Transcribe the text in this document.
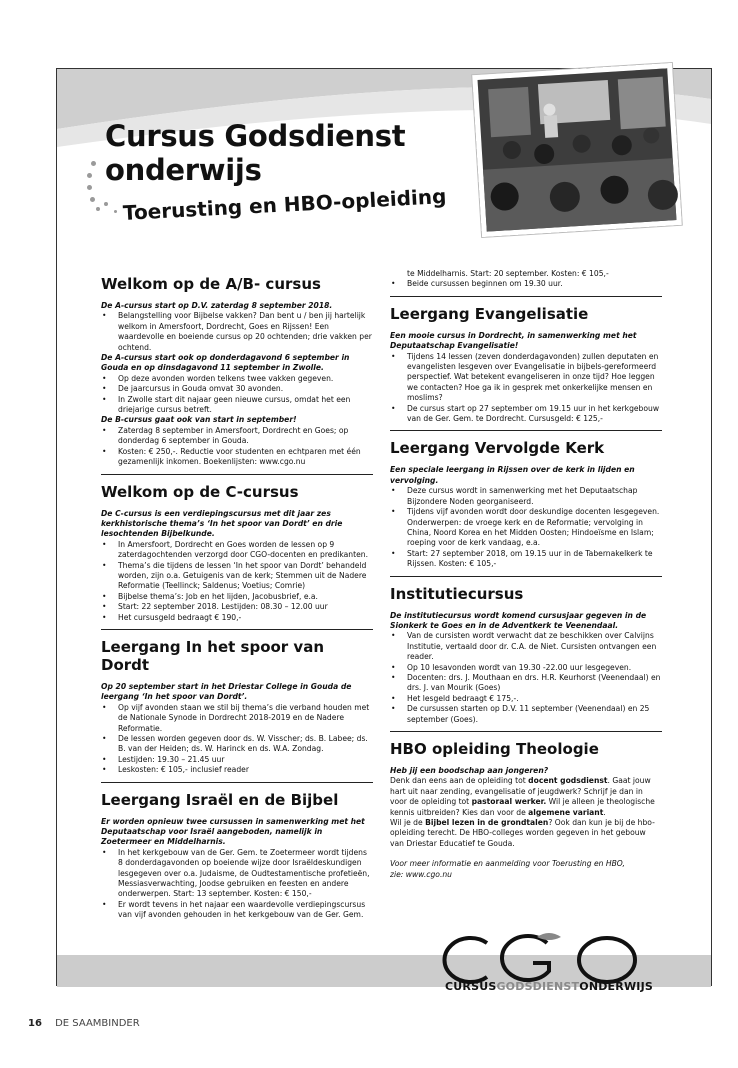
Cursus Godsdienst
onderwijs
Toerusting en HBO-opleiding
Welkom op de A/B- cursus

De A-cursus start op D.V. zaterdag 8 september 2018.

• Belangstelling voor Bijbelse vakken? Dan bent u / ben jij hartelijk welkom in Amersfoort, Dordrecht, Goes en Rijssen! Een waardevolle en boeiende cursus op 20 ochtenden; drie vakken per ochtend.

De A-cursus start ook op donderdagavond 6 september in Gouda en op dinsdagavond 11 september in Zwolle.

• Op deze avonden worden telkens twee vakken gegeven.
• De jaarcursus in Gouda omvat 30 avonden.
• In Zwolle start dit najaar geen nieuwe cursus, omdat het een driejarige cursus betreft.

De B-cursus gaat ook van start in september!

• Zaterdag 8 september in Amersfoort, Dordrecht en Goes; op donderdag 6 september in Gouda.
• Kosten: € 250,-. Reductie voor studenten en echtparen met één gezamenlijk inkomen. Boekenlijsten: www.cgo.nu
Welkom op de C-cursus

De C-cursus is een verdiepingscursus met dit jaar zes kerkhistorische thema’s ‘In het spoor van Dordt’ en drie lesochtenden Bijbelkunde.

• In Amersfoort, Dordrecht en Goes worden de lessen op 9 zaterdagochtenden verzorgd door CGO-docenten en predikanten.
• Thema’s die tijdens de lessen ‘In het spoor van Dordt’ behandeld worden, zijn o.a. Getuigenis van de kerk; Stemmen uit de Nadere Reformatie (Teellinck; Saldenus; Voetius; Comrie)
• Bijbelse thema’s: Job en het lijden, Jacobusbrief, e.a.
• Start: 22 september 2018. Lestijden: 08.30 – 12.00 uur
• Het cursusgeld bedraagt € 190,-
Leergang In het spoor van Dordt

Op 20 september start in het Driestar College in Gouda de leergang ‘In het spoor van Dordt’.

• Op vijf avonden staan we stil bij thema’s die verband houden met de Nationale Synode in Dordrecht 2018-2019 en de Nadere Reformatie.
• De lessen worden gegeven door ds. W. Visscher; ds. B. Labee; ds. B. van der Heiden; ds. W. Harinck en ds. W.A. Zondag.
• Lestijden: 19.30 – 21.45 uur
• Leskosten: € 105,- inclusief reader
Leergang Israël en de Bijbel

Er worden opnieuw twee cursussen in samenwerking met het Deputaatschap voor Israël aangeboden, namelijk in Zoetermeer en Middelharnis.

• In het kerkgebouw van de Ger. Gem. te Zoetermeer wordt tijdens 8 donderdagavonden op boeiende wijze door Israëldeskundigen lesgegeven over o.a. Judaisme, de Oudtestamentische profetieën, Messiasverwachting, Joodse gebruiken en feesten en andere onderwerpen. Start: 13 september. Kosten: € 150,-
• Er wordt tevens in het najaar een waardevolle verdiepingscursus van vijf avonden gehouden in het kerkgebouw van de Ger. Gem.

te Middelharnis. Start: 20 september. Kosten: € 105,-

• Beide cursussen beginnen om 19.30 uur.
Leergang Evangelisatie

Een mooie cursus in Dordrecht, in samenwerking met het Deputaatschap Evangelisatie!

• Tijdens 14 lessen (zeven donderdagavonden) zullen deputaten en evangelisten lesgeven over Evangelisatie in bijbels-gereformeerd perspectief. Wat betekent evangeliseren in onze tijd? Hoe leggen we contacten? Hoe ga ik in gesprek met onkerkelijke mensen en moslims?
• De cursus start op 27 september om 19.15 uur in het kerkgebouw van de Ger. Gem. te Dordrecht. Cursusgeld: € 125,-
Leergang Vervolgde Kerk

Een speciale leergang in Rijssen over de kerk in lijden en vervolging.

• Deze cursus wordt in samenwerking met het Deputaatschap Bijzondere Noden georganiseerd.
• Tijdens vijf avonden wordt door deskundige docenten lesgegeven. Onderwerpen: de vroege kerk en de Reformatie; vervolging in China, Noord Korea en het Midden Oosten; Hindoeïsme en Islam; roeping voor de kerk vandaag, e.a.
• Start: 27 september 2018, om 19.15 uur in de Tabernakelkerk te Rijssen. Kosten: € 105,-
Institutiecursus

De institutiecursus wordt komend cursusjaar gegeven in de Sionkerk te Goes en in de Adventkerk te Veenendaal.

• Van de cursisten wordt verwacht dat ze beschikken over Calvijns Institutie, vertaald door dr. C.A. de Niet. Cursisten ontvangen een reader.
• Op 10 lesavonden wordt van 19.30 -22.00 uur lesgegeven.
• Docenten: drs. J. Mouthaan en drs. H.R. Keurhorst (Veenendaal) en drs. J. van Mourik (Goes)
• Het lesgeld bedraagt € 175,-.
• De cursussen starten op D.V. 11 september (Veenendaal) en 25 september (Goes).
HBO opleiding Theologie

Heb jij een boodschap aan jongeren?

Denk dan eens aan de opleiding tot docent godsdienst. Gaat jouw hart uit naar zending, evangelisatie of jeugdwerk? Schrijf je dan in voor de opleiding tot pastoraal werker. Wil je alleen je theologische kennis uitbreiden? Kies dan voor de algemene variant.

Wil je de Bijbel lezen in de grondtalen? Ook dan kun je bij de hbo-opleiding terecht. De HBO-colleges worden gegeven in het gebouw van Driestar Educatief te Gouda.

Voor meer informatie en aanmelding voor Toerusting en HBO,
zie: www.cgo.nu

CURSUSGODSDIENSTONDERWIJS
16 DE SAAMBINDER
